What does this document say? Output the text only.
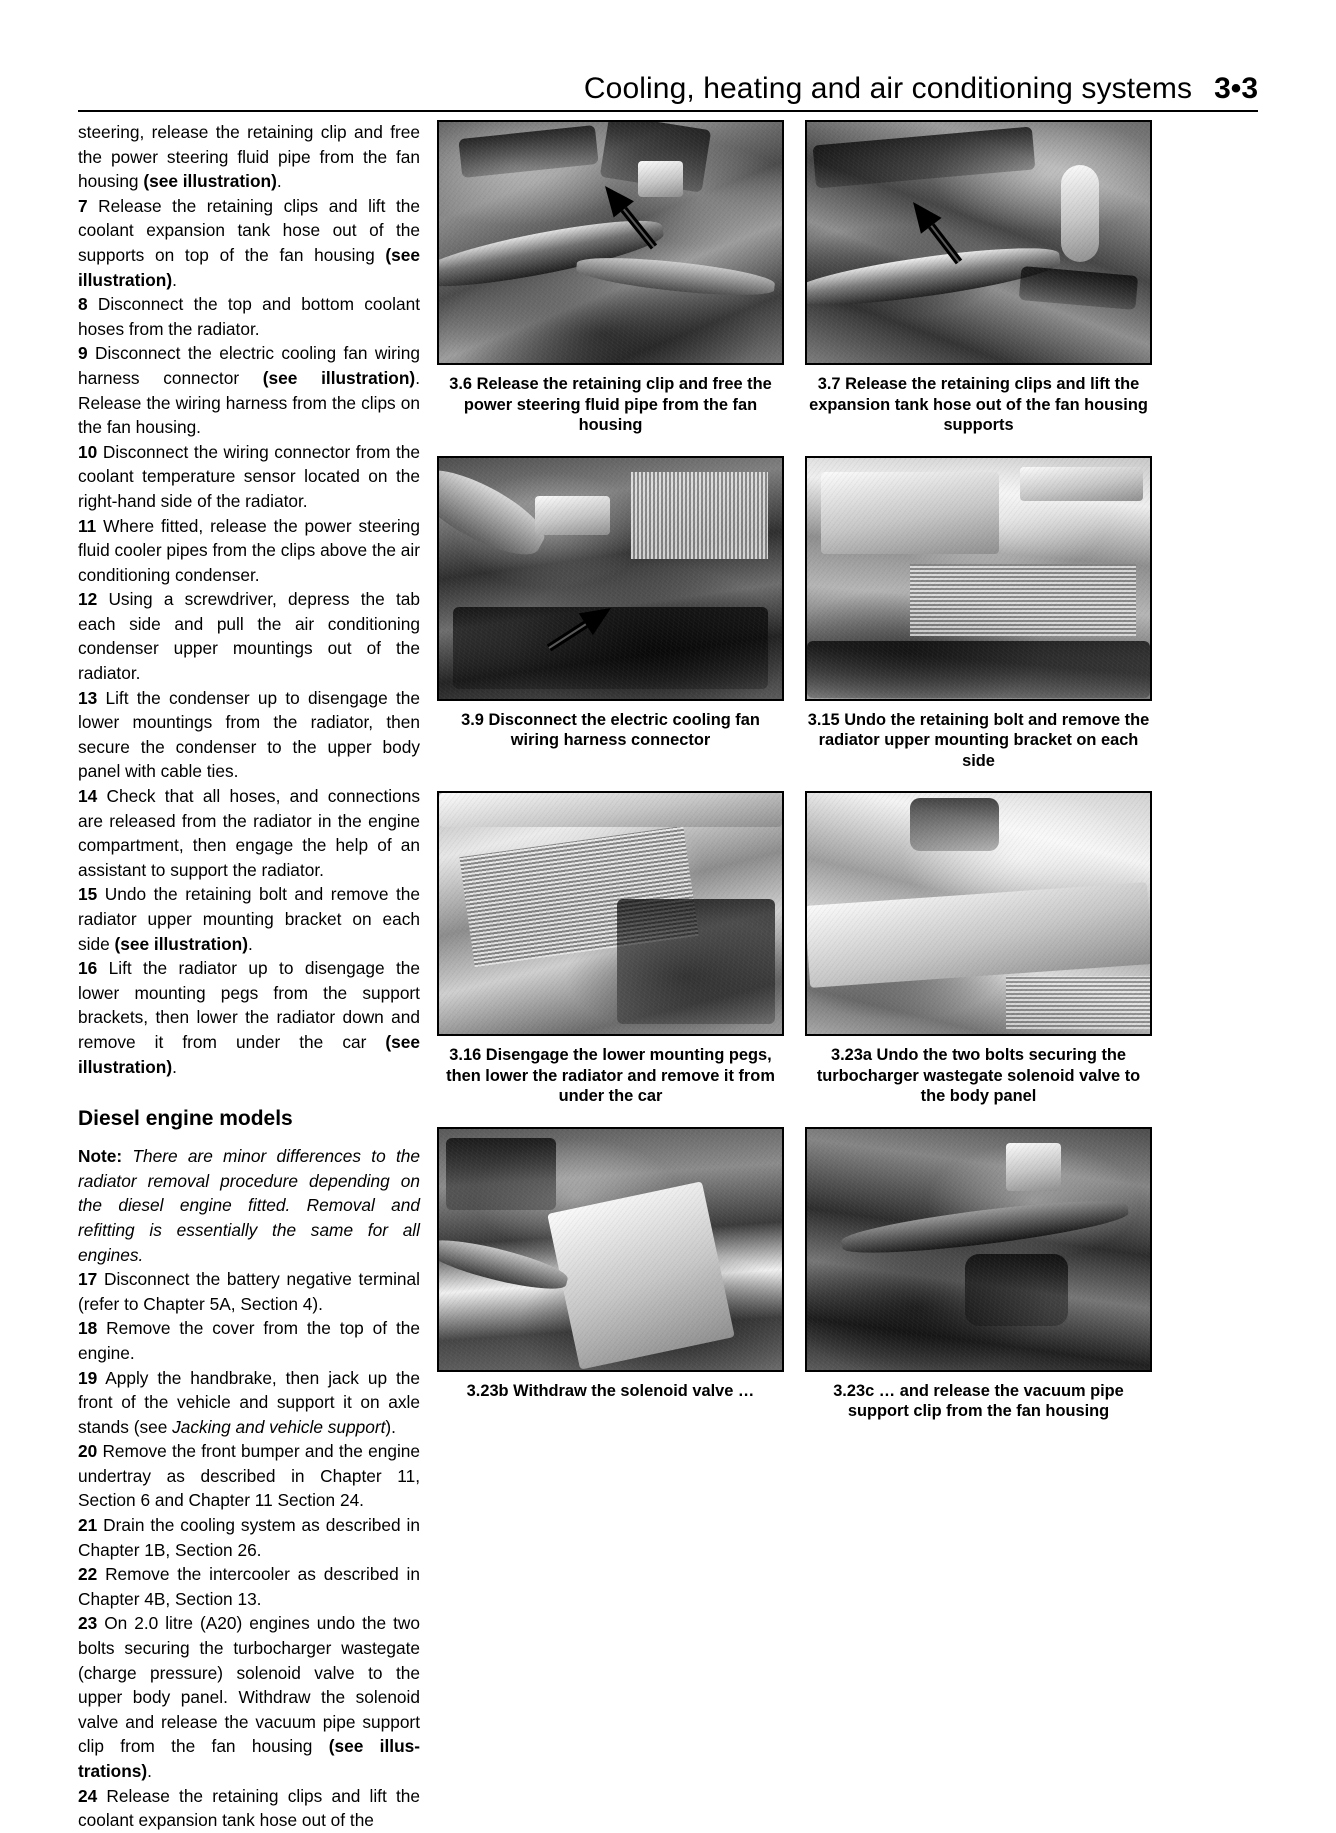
Cooling, heating and air conditioning systems 3•3

steering, release the retaining clip and free the power steering fluid pipe from the fan housing (see illustration).

7 Release the retaining clips and lift the coolant expansion tank hose out of the supports on top of the fan housing (see illustration).

8 Disconnect the top and bottom coolant hoses from the radiator.

9 Disconnect the electric cooling fan wiring harness connector (see illustration). Release the wiring harness from the clips on the fan housing.

10 Disconnect the wiring connector from the coolant temperature sensor located on the right-hand side of the radiator.

11 Where fitted, release the power steering fluid cooler pipes from the clips above the air conditioning condenser.

12 Using a screwdriver, depress the tab each side and pull the air conditioning condenser upper mountings out of the radiator.

13 Lift the condenser up to disengage the lower mountings from the radiator, then secure the condenser to the upper body panel with cable ties.

14 Check that all hoses, and connections are released from the radiator in the engine compartment, then engage the help of an assistant to support the radiator.

15 Undo the retaining bolt and remove the radiator upper mounting bracket on each side (see illustration).

16 Lift the radiator up to disengage the lower mounting pegs from the support brackets, then lower the radiator down and remove it from under the car (see illustration).

Diesel engine models

Note: There are minor differences to the radiator removal procedure depending on the diesel engine fitted. Removal and refitting is essentially the same for all engines.

17 Disconnect the battery negative terminal (refer to Chapter 5A, Section 4).

18 Remove the cover from the top of the engine.

19 Apply the handbrake, then jack up the front of the vehicle and support it on axle stands (see Jacking and vehicle support).

20 Remove the front bumper and the engine undertray as described in Chapter 11, Section 6 and Chapter 11 Section 24.

21 Drain the cooling system as described in Chapter 1B, Section 26.

22 Remove the intercooler as described in Chapter 4B, Section 13.

23 On 2.0 litre (A20) engines undo the two bolts securing the turbocharger wastegate (charge pressure) solenoid valve to the upper body panel. Withdraw the solenoid valve and release the vacuum pipe support clip from the fan housing (see illus-trations).

24 Release the retaining clips and lift the coolant expansion tank hose out of the

3.6 Release the retaining clip and free the power steering fluid pipe from the fan housing
3.7 Release the retaining clips and lift the expansion tank hose out of the fan housing supports
3.9 Disconnect the electric cooling fan wiring harness connector
3.15 Undo the retaining bolt and remove the radiator upper mounting bracket on each side
3.16 Disengage the lower mounting pegs, then lower the radiator and remove it from under the car
3.23a Undo the two bolts securing the turbocharger wastegate solenoid valve to the body panel
3.23b Withdraw the solenoid valve …	3.23c … and release the vacuum pipe support clip from the fan housing
